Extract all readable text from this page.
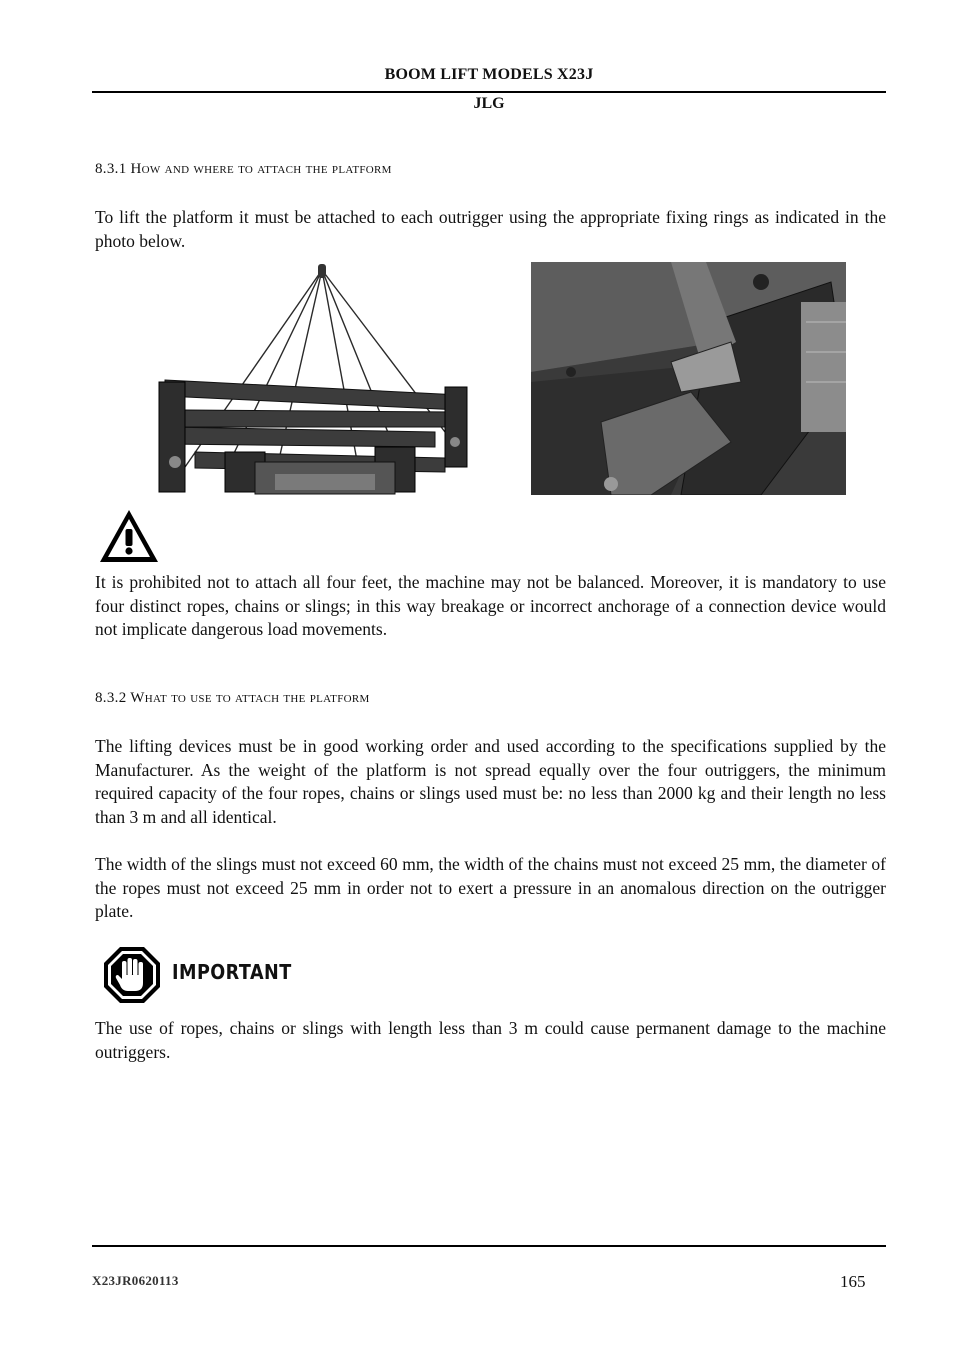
BOOM LIFT MODELS X23J
JLG
8.3.1 How and where to attach the platform
To lift the platform it must be attached to each outrigger using the appropriate fixing rings as indicated in the photo below.
It is prohibited not to attach all four feet, the machine may not be balanced. Moreover, it is mandatory to use four distinct ropes, chains or slings; in this way breakage or incorrect anchorage of a connection device would not implicate dangerous load movements.
8.3.2 What to use to attach the platform
The lifting devices must be in good working order and used according to the specifications supplied by the Manufacturer. As the weight of the platform is not spread equally over the four outriggers, the minimum required capacity of the four ropes, chains or slings used must be: no less than 2000 kg and their length no less than 3 m and all identical.
The width of the slings must not exceed 60 mm, the width of the chains must not exceed 25 mm, the diameter of the ropes must not exceed 25 mm in order not to exert a pressure in an anomalous direction on the outrigger plate.
IMPORTANT
The use of ropes, chains or slings with length less than 3 m could cause permanent damage to the machine outriggers.
X23JR0620113	165
